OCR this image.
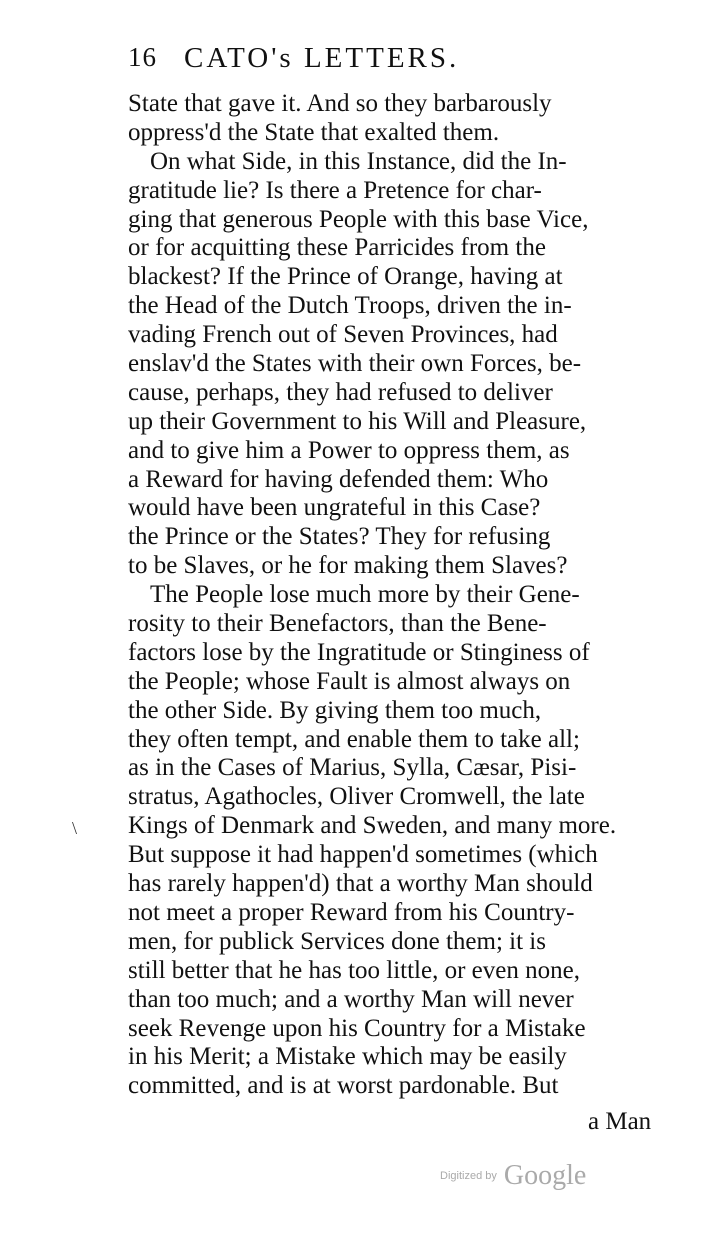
16 CATO's LETTERS.
State that gave it. And so they barbarously
oppress'd the State that exalted them.
On what Side, in this Instance, did the In-
gratitude lie? Is there a Pretence for char-
ging that generous People with this base Vice,
or for acquitting these Parricides from the
blackest? If the Prince of Orange, having at
the Head of the Dutch Troops, driven the in-
vading French out of Seven Provinces, had
enslav'd the States with their own Forces, be-
cause, perhaps, they had refused to deliver
up their Government to his Will and Pleasure,
and to give him a Power to oppress them, as
a Reward for having defended them: Who
would have been ungrateful in this Case?
the Prince or the States? They for refusing
to be Slaves, or he for making them Slaves?
The People lose much more by their Gene-
rosity to their Benefactors, than the Bene-
factors lose by the Ingratitude or Stinginess of
the People; whose Fault is almost always on
the other Side. By giving them too much,
they often tempt, and enable them to take all;
as in the Cases of Marius, Sylla, Cæsar, Pisi-
stratus, Agathocles, Oliver Cromwell, the late
Kings of Denmark and Sweden, and many more.
But suppose it had happen'd sometimes (which
has rarely happen'd) that a worthy Man should
not meet a proper Reward from his Country-
men, for publick Services done them; it is
still better that he has too little, or even none,
than too much; and a worthy Man will never
seek Revenge upon his Country for a Mistake
in his Merit; a Mistake which may be easily
committed, and is at worst pardonable. But
a Man
\
Digitized by Google
